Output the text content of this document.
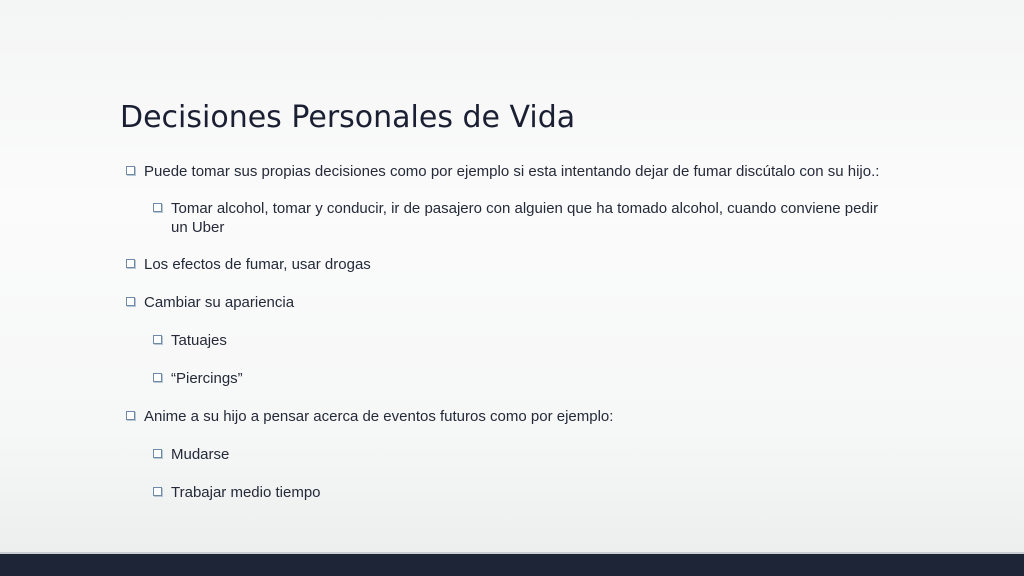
Decisiones Personales de Vida
Puede tomar sus propias decisiones como por ejemplo si esta intentando dejar de fumar discútalo con su hijo.:
Tomar alcohol, tomar y conducir, ir de pasajero con alguien que ha tomado alcohol, cuando conviene pedir un Uber
Los efectos de fumar, usar drogas
Cambiar su apariencia
Tatuajes
“Piercings”
Anime a su hijo a pensar acerca de eventos futuros como por ejemplo:
Mudarse
Trabajar medio tiempo
